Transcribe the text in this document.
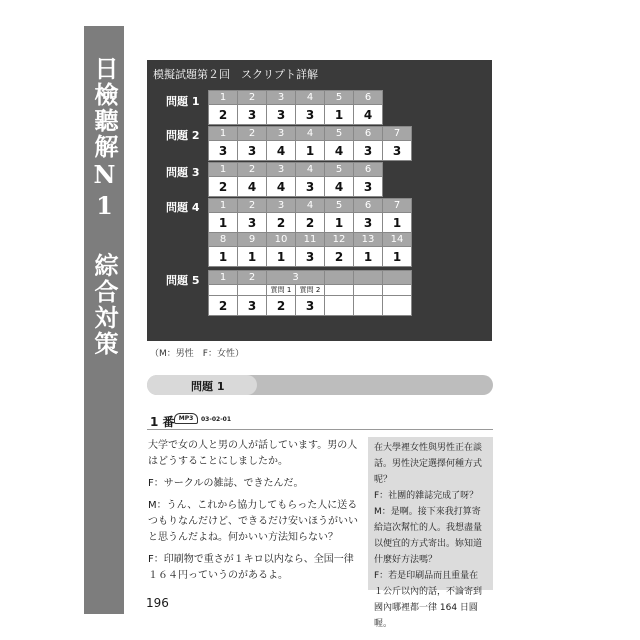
日檢聽解N1 綜合対策	模擬試題第２回　スクリプト詳解
問題 1 1	2	3	4	5	6
2	3	3	3	1	4
問題 2 1	2	3	4	5	6	7
3	3	4	1	4	3	3
問題 3 1	2	3	4	5	6
2	4	4	3	4	3
問題 4 1	2	3	4	5	6	7
1	3	2	2	1	3	1
8	9	10	11	12	13	14
1	1	1	3	2	1	1
問題 5 1	2	3				
		質問 1	質問 2			
2	3	2	3			
（M：男性　F：女性）
問題 1
1 番 MP3	03-02-01

大学で女の人と男の人が話しています。男の人はどうすることにしましたか。

F：サークルの雑誌、できたんだ。

M：うん、これから協力してもらった人に送るつもりなんだけど、できるだけ安いほうがいいと思うんだよね。何かいい方法知らない？

F：印刷物で重さが１キロ以内なら、全国一律１６４円っていうのがあるよ。

在大學裡女性與男性正在談話。男性決定選擇何種方式呢？

F：社團的雜誌完成了呀？

M：是啊。接下來我打算寄給這次幫忙的人。我想盡量以便宜的方式寄出。妳知道什麼好方法嗎？

F：若是印刷品而且重量在１公斤以內的話，不論寄到國內哪裡都一律 164 日圓喔。

196
